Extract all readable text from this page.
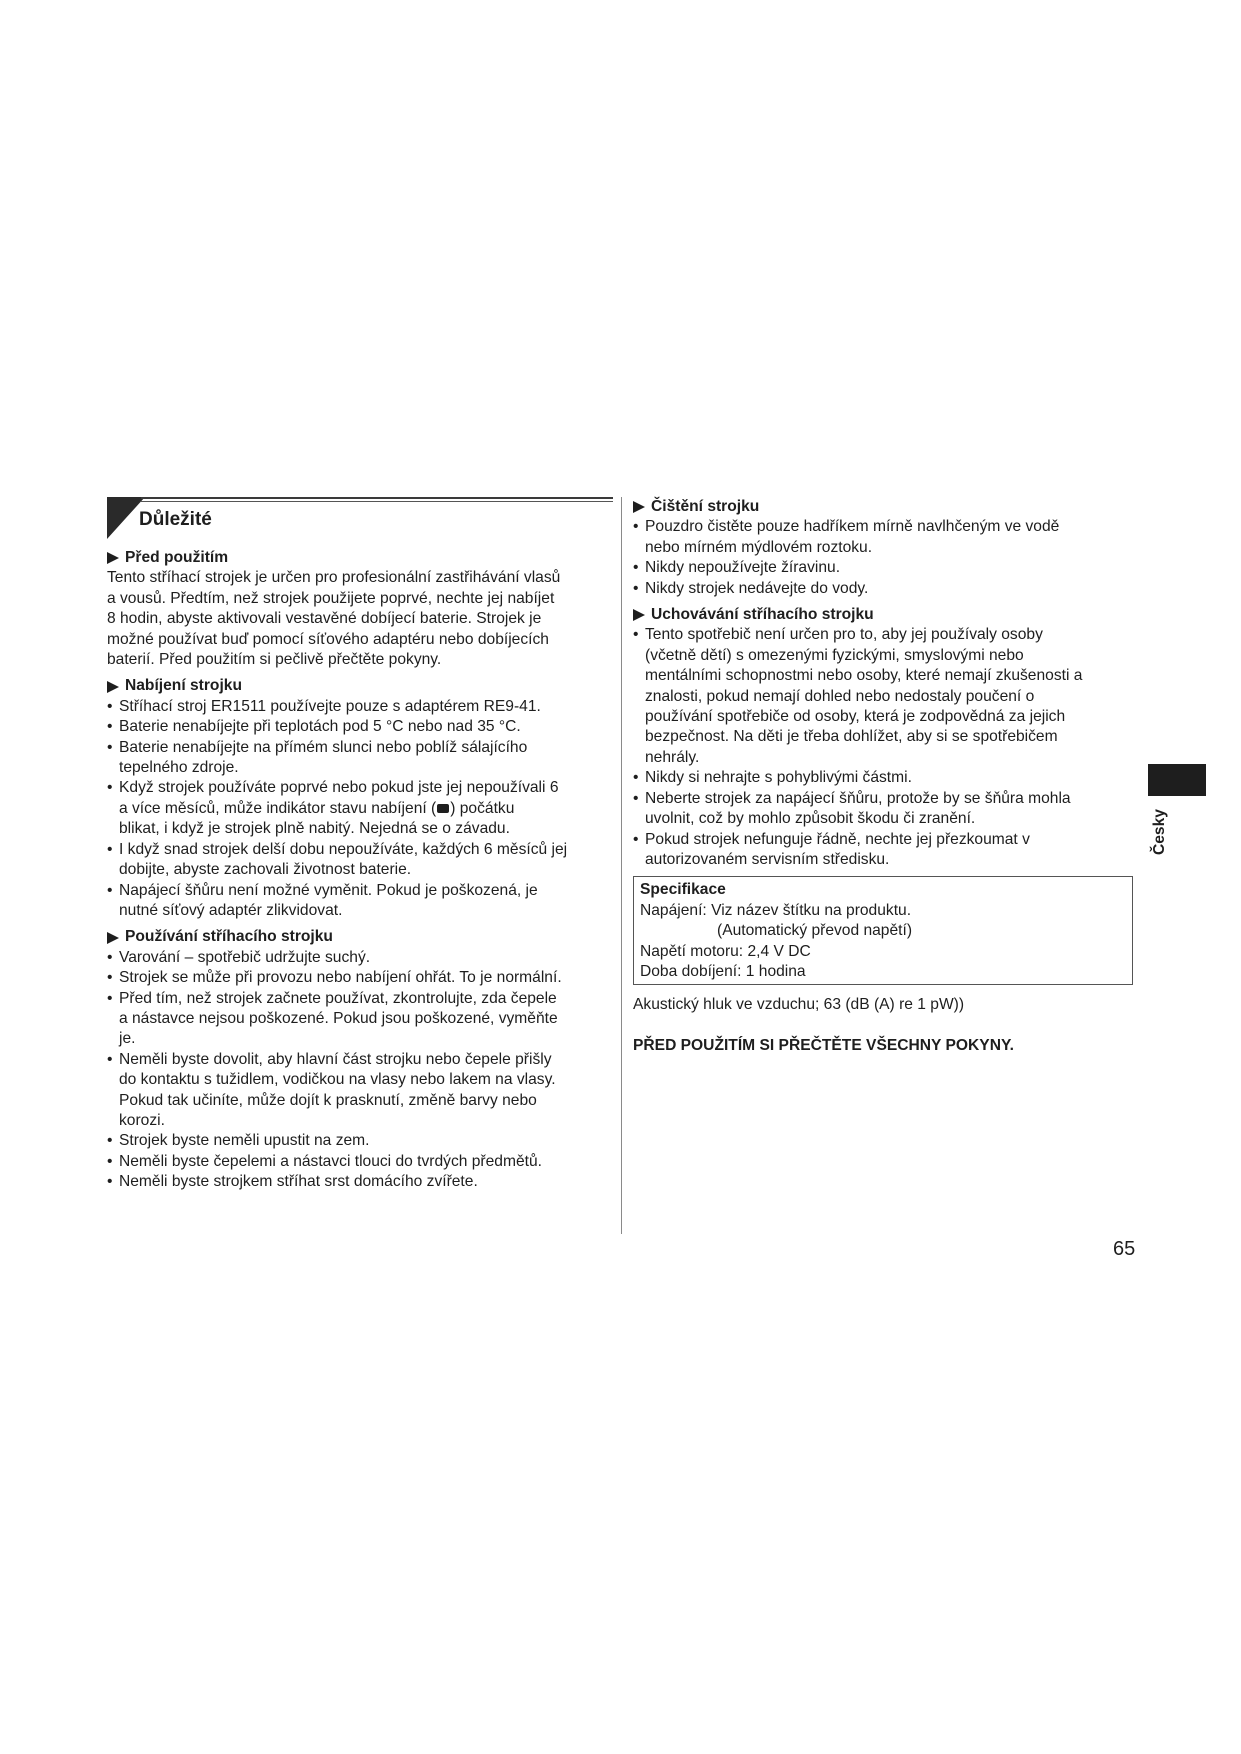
Důležité
Před použitím

Tento stříhací strojek je určen pro profesionální zastřihávání vlasů
a vousů. Předtím, než strojek použijete poprvé, nechte jej nabíjet
8 hodin, abyste aktivovali vestavěné dobíjecí baterie. Strojek je
možné používat buď pomocí síťového adaptéru nebo dobíjecích
baterií. Před použitím si pečlivě přečtěte pokyny.

Nabíjení strojku
• Stříhací stroj ER1511 používejte pouze s adaptérem RE9-41.
• Baterie nenabíjejte při teplotách pod 5 °C nebo nad 35 °C.
• Baterie nenabíjejte na přímém slunci nebo poblíž sálajícího
tepelného zdroje.
• Když strojek používáte poprvé nebo pokud jste jej nepoužívali 6
a více měsíců, může indikátor stavu nabíjení ( ) počátku
blikat, i když je strojek plně nabitý. Nejedná se o závadu.
• I když snad strojek delší dobu nepoužíváte, každých 6 měsíců jej
dobijte, abyste zachovali životnost baterie.
• Napájecí šňůru není možné vyměnit. Pokud je poškozená, je
nutné síťový adaptér zlikvidovat.
Používání stříhacího strojku
• Varování – spotřebič udržujte suchý.
• Strojek se může při provozu nebo nabíjení ohřát. To je normální.
• Před tím, než strojek začnete používat, zkontrolujte, zda čepele
a nástavce nejsou poškozené. Pokud jsou poškozené, vyměňte
je.
• Neměli byste dovolit, aby hlavní část strojku nebo čepele přišly
do kontaktu s tužidlem, vodičkou na vlasy nebo lakem na vlasy.
Pokud tak učiníte, může dojít k prasknutí, změně barvy nebo
korozi.
• Strojek byste neměli upustit na zem.
• Neměli byste čepelemi a nástavci tlouci do tvrdých předmětů.
• Neměli byste strojkem stříhat srst domácího zvířete.
Čištění strojku
• Pouzdro čistěte pouze hadříkem mírně navlhčeným ve vodě
nebo mírném mýdlovém roztoku.
• Nikdy nepoužívejte žíravinu.
• Nikdy strojek nedávejte do vody.
Uchovávání stříhacího strojku
• Tento spotřebič není určen pro to, aby jej používaly osoby
(včetně dětí) s omezenými fyzickými, smyslovými nebo
mentálními schopnostmi nebo osoby, které nemají zkušenosti a
znalosti, pokud nemají dohled nebo nedostaly poučení o
používání spotřebiče od osoby, která je zodpovědná za jejich
bezpečnost. Na děti je třeba dohlížet, aby si se spotřebičem
nehrály.
• Nikdy si nehrajte s pohyblivými částmi.
• Neberte strojek za napájecí šňůru, protože by se šňůra mohla
uvolnit, což by mohlo způsobit škodu či zranění.
• Pokud strojek nefunguje řádně, nechte jej přezkoumat v
autorizovaném servisním středisku.
Specifikace
Napájení: Viz název štítku na produktu.
(Automatický převod napětí)
Napětí motoru: 2,4 V DC
Doba dobíjení: 1 hodina
Akustický hluk ve vzduchu; 63 (dB (A) re 1 pW))
PŘED POUŽITÍM SI PŘEČTĚTE VŠECHNY POKYNY.
Česky
65
